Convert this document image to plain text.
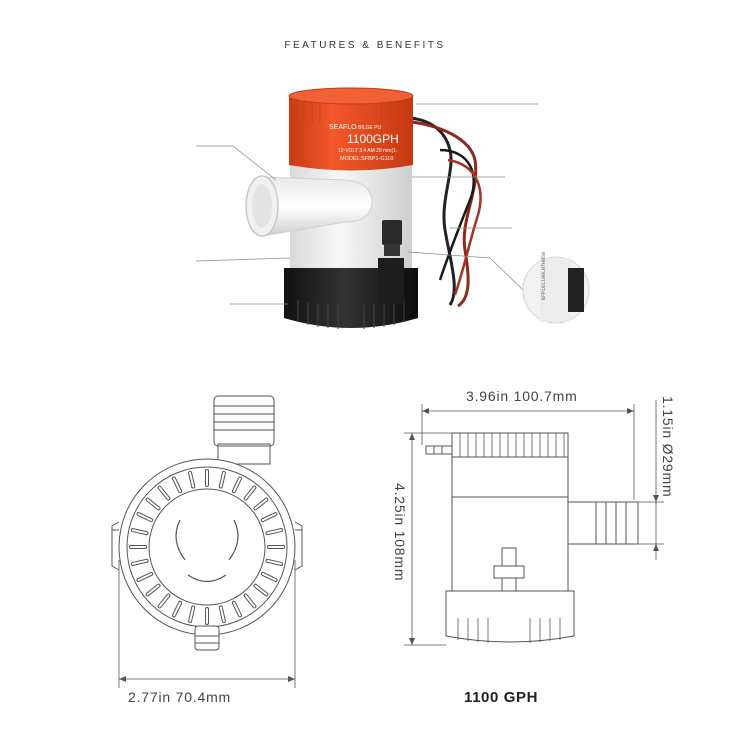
FEATURES & BENEFITS
SEAFLO BILGE PU
1100GPH
12-VOLT 3.4 AM 29 mm(1-
MODEL:SFBP1-G110
BFP1G1100LNTHNS0
3.96in 100.7mm
2.77in 70.4mm
1.15in Ø29mm
4.25in 108mm
1100 GPH
